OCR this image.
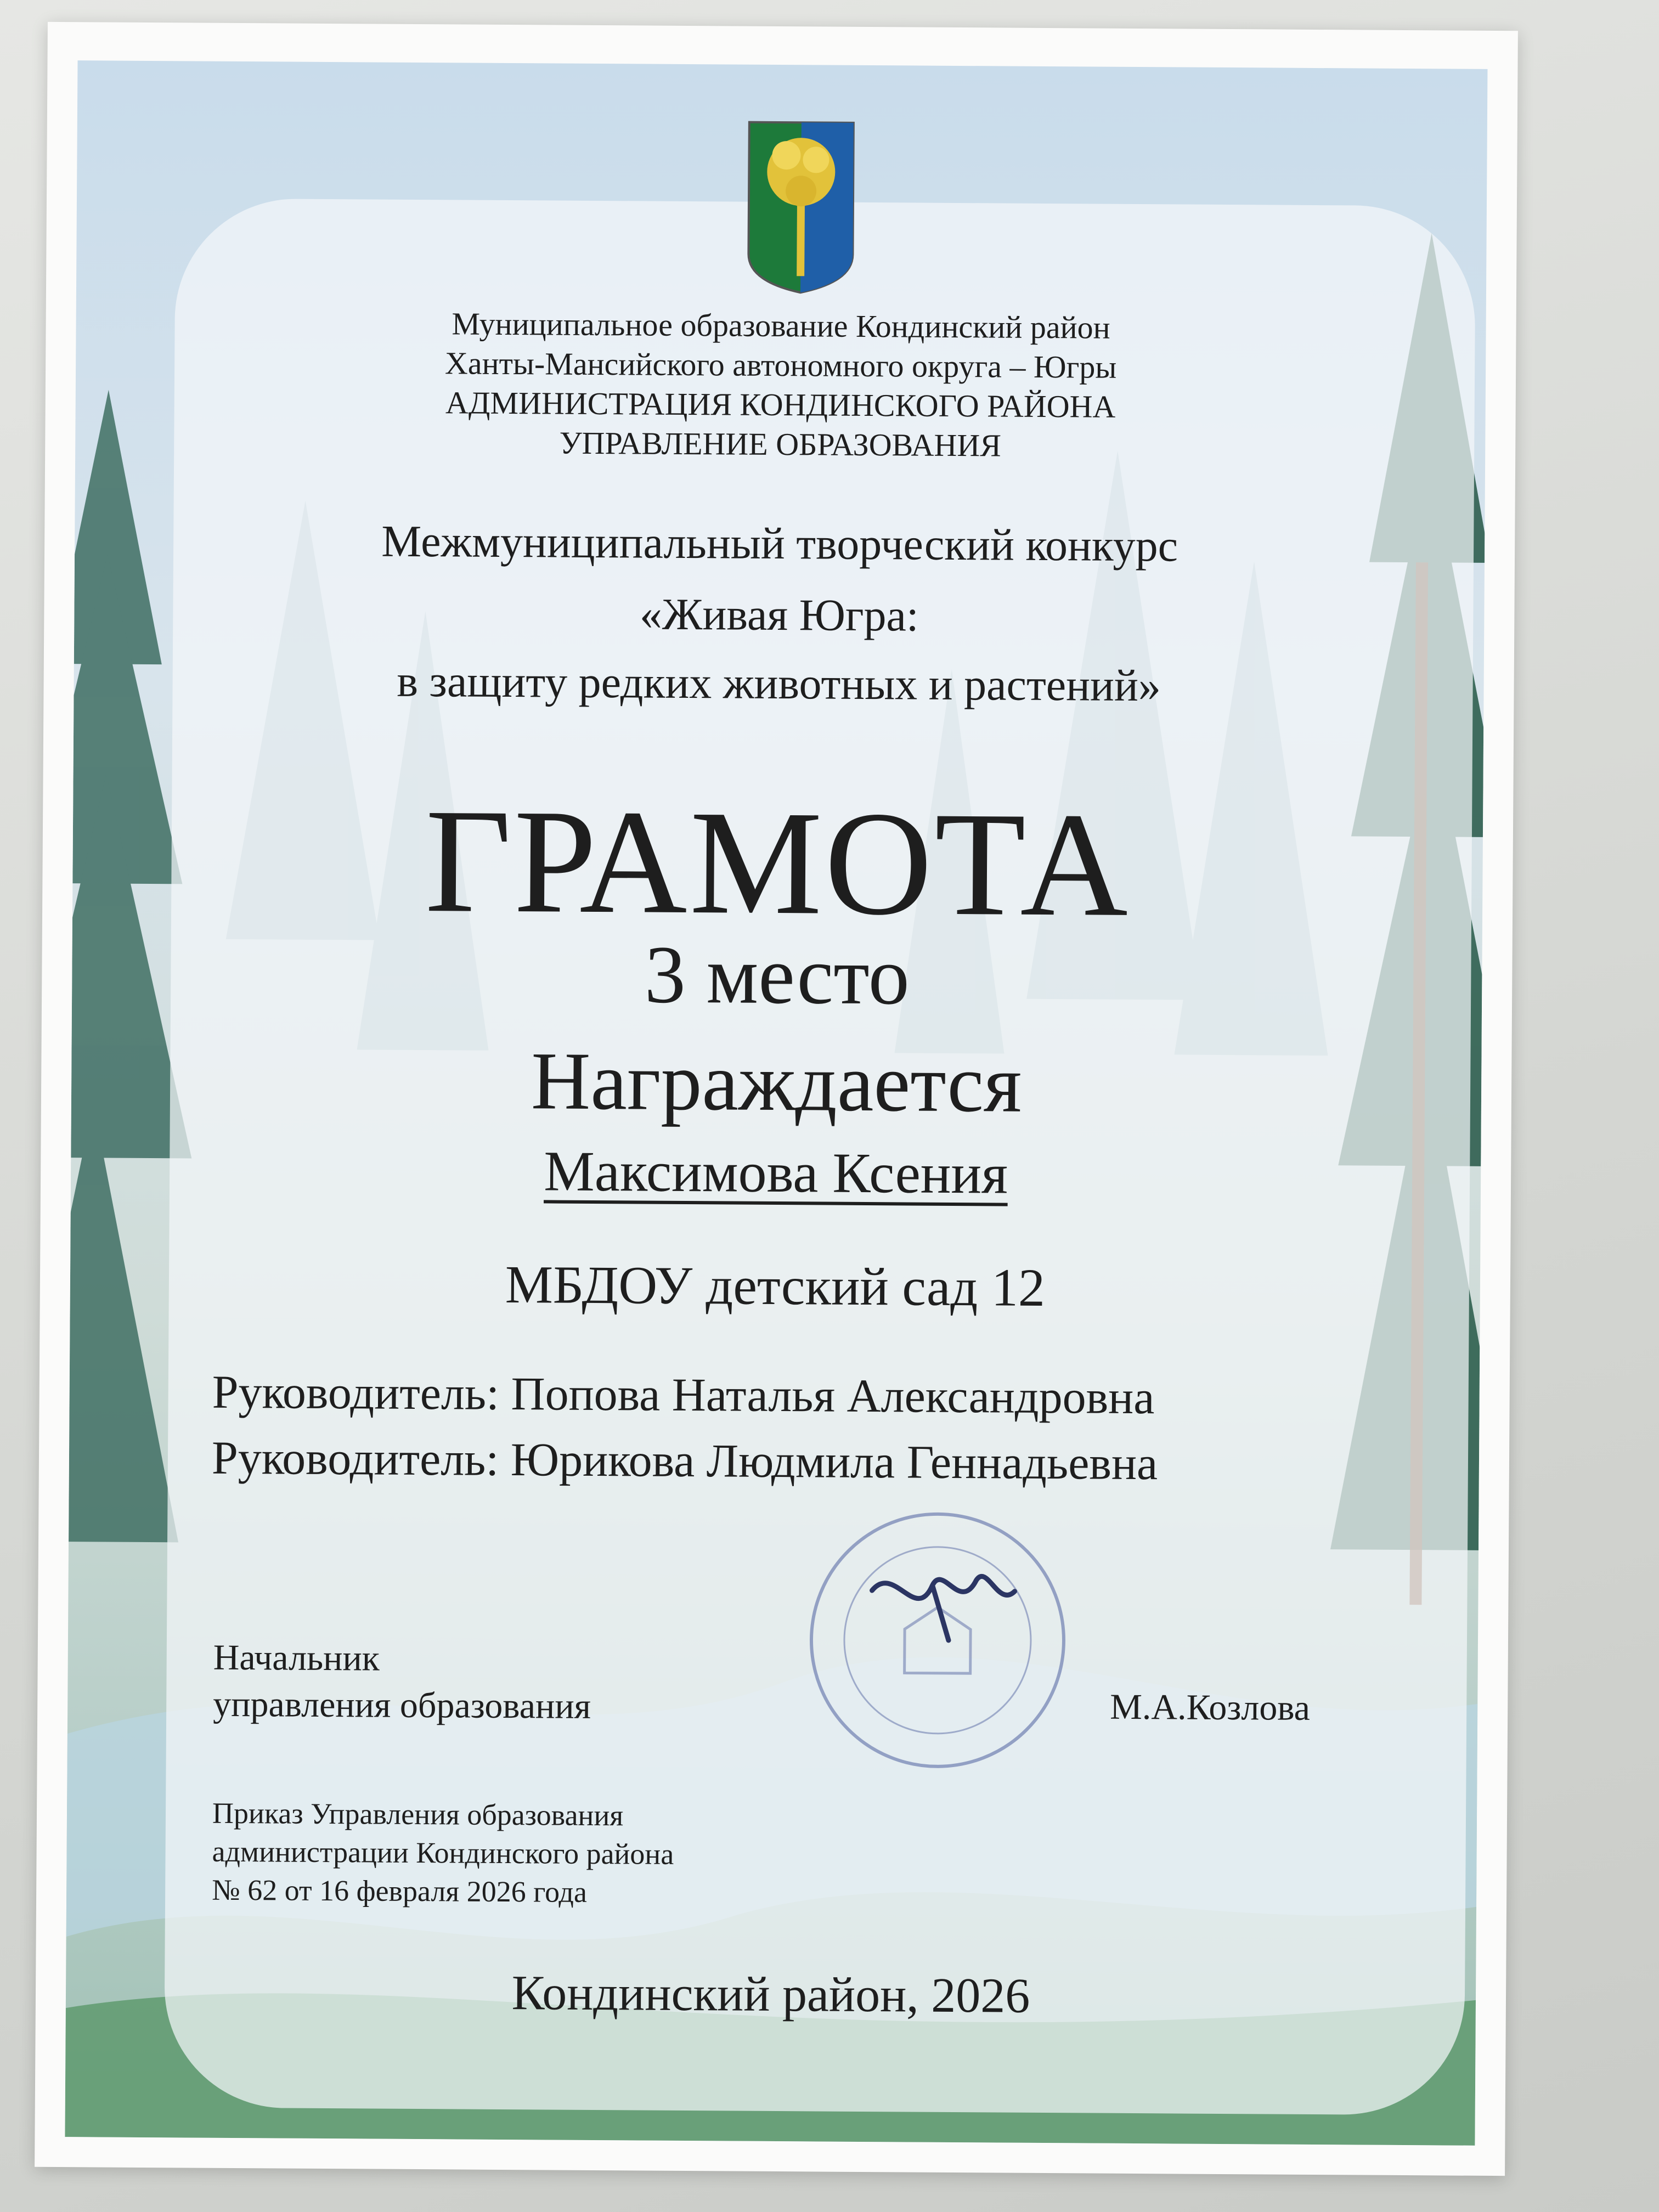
Муниципальное образование Кондинский район
Ханты-Мансийского автономного округа – Югры
АДМИНИСТРАЦИЯ КОНДИНСКОГО РАЙОНА
УПРАВЛЕНИЕ ОБРАЗОВАНИЯ
Межмуниципальный творческий конкурс
«Живая Югра:
в защиту редких животных и растений»
ГРАМОТА
3 место
Награждается
Максимова Ксения
МБДОУ детский сад 12
Руководитель: Попова Наталья Александровна
Руководитель: Юрикова Людмила Геннадьевна
Начальник
управления образования	М.А.Козлова
Приказ Управления образования
администрации Кондинского района
№ 62 от 16 февраля 2026 года
Кондинский район, 2026
